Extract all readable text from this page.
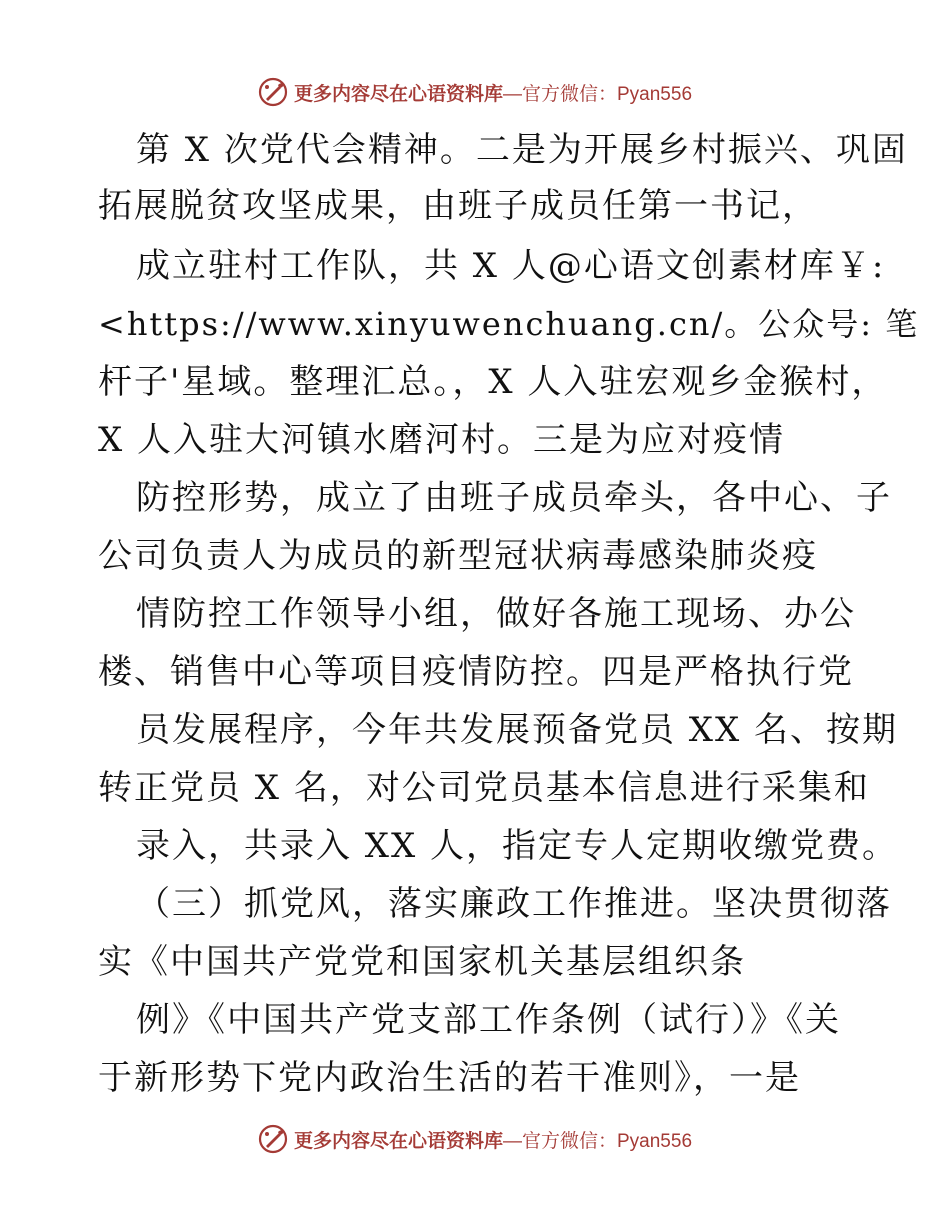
更多内容尽在心语资料库—官方微信：Pyan556
第 X 次党代会精神。二是为开展乡村振兴、巩固
拓展脱贫攻坚成果，由班子成员任第一书记，
成立驻村工作队，共 X 人@心语文创素材库￥:
<https://www.xinyuwenchuang.cn/。公众号: 笔
杆子'星域。整理汇总。，X 人入驻宏观乡金猴村，
X 人入驻大河镇水磨河村。三是为应对疫情
防控形势，成立了由班子成员牵头，各中心、子
公司负责人为成员的新型冠状病毒感染肺炎疫
情防控工作领导小组，做好各施工现场、办公
楼、销售中心等项目疫情防控。四是严格执行党
员发展程序，今年共发展预备党员 XX 名、按期
转正党员 X 名，对公司党员基本信息进行采集和
录入，共录入 XX 人，指定专人定期收缴党费。
（三）抓党风，落实廉政工作推进。坚决贯彻落
实《中国共产党党和国家机关基层组织条
例》《中国共产党支部工作条例（试行）》《关
于新形势下党内政治生活的若干准则》，一是
更多内容尽在心语资料库—官方微信：Pyan556
